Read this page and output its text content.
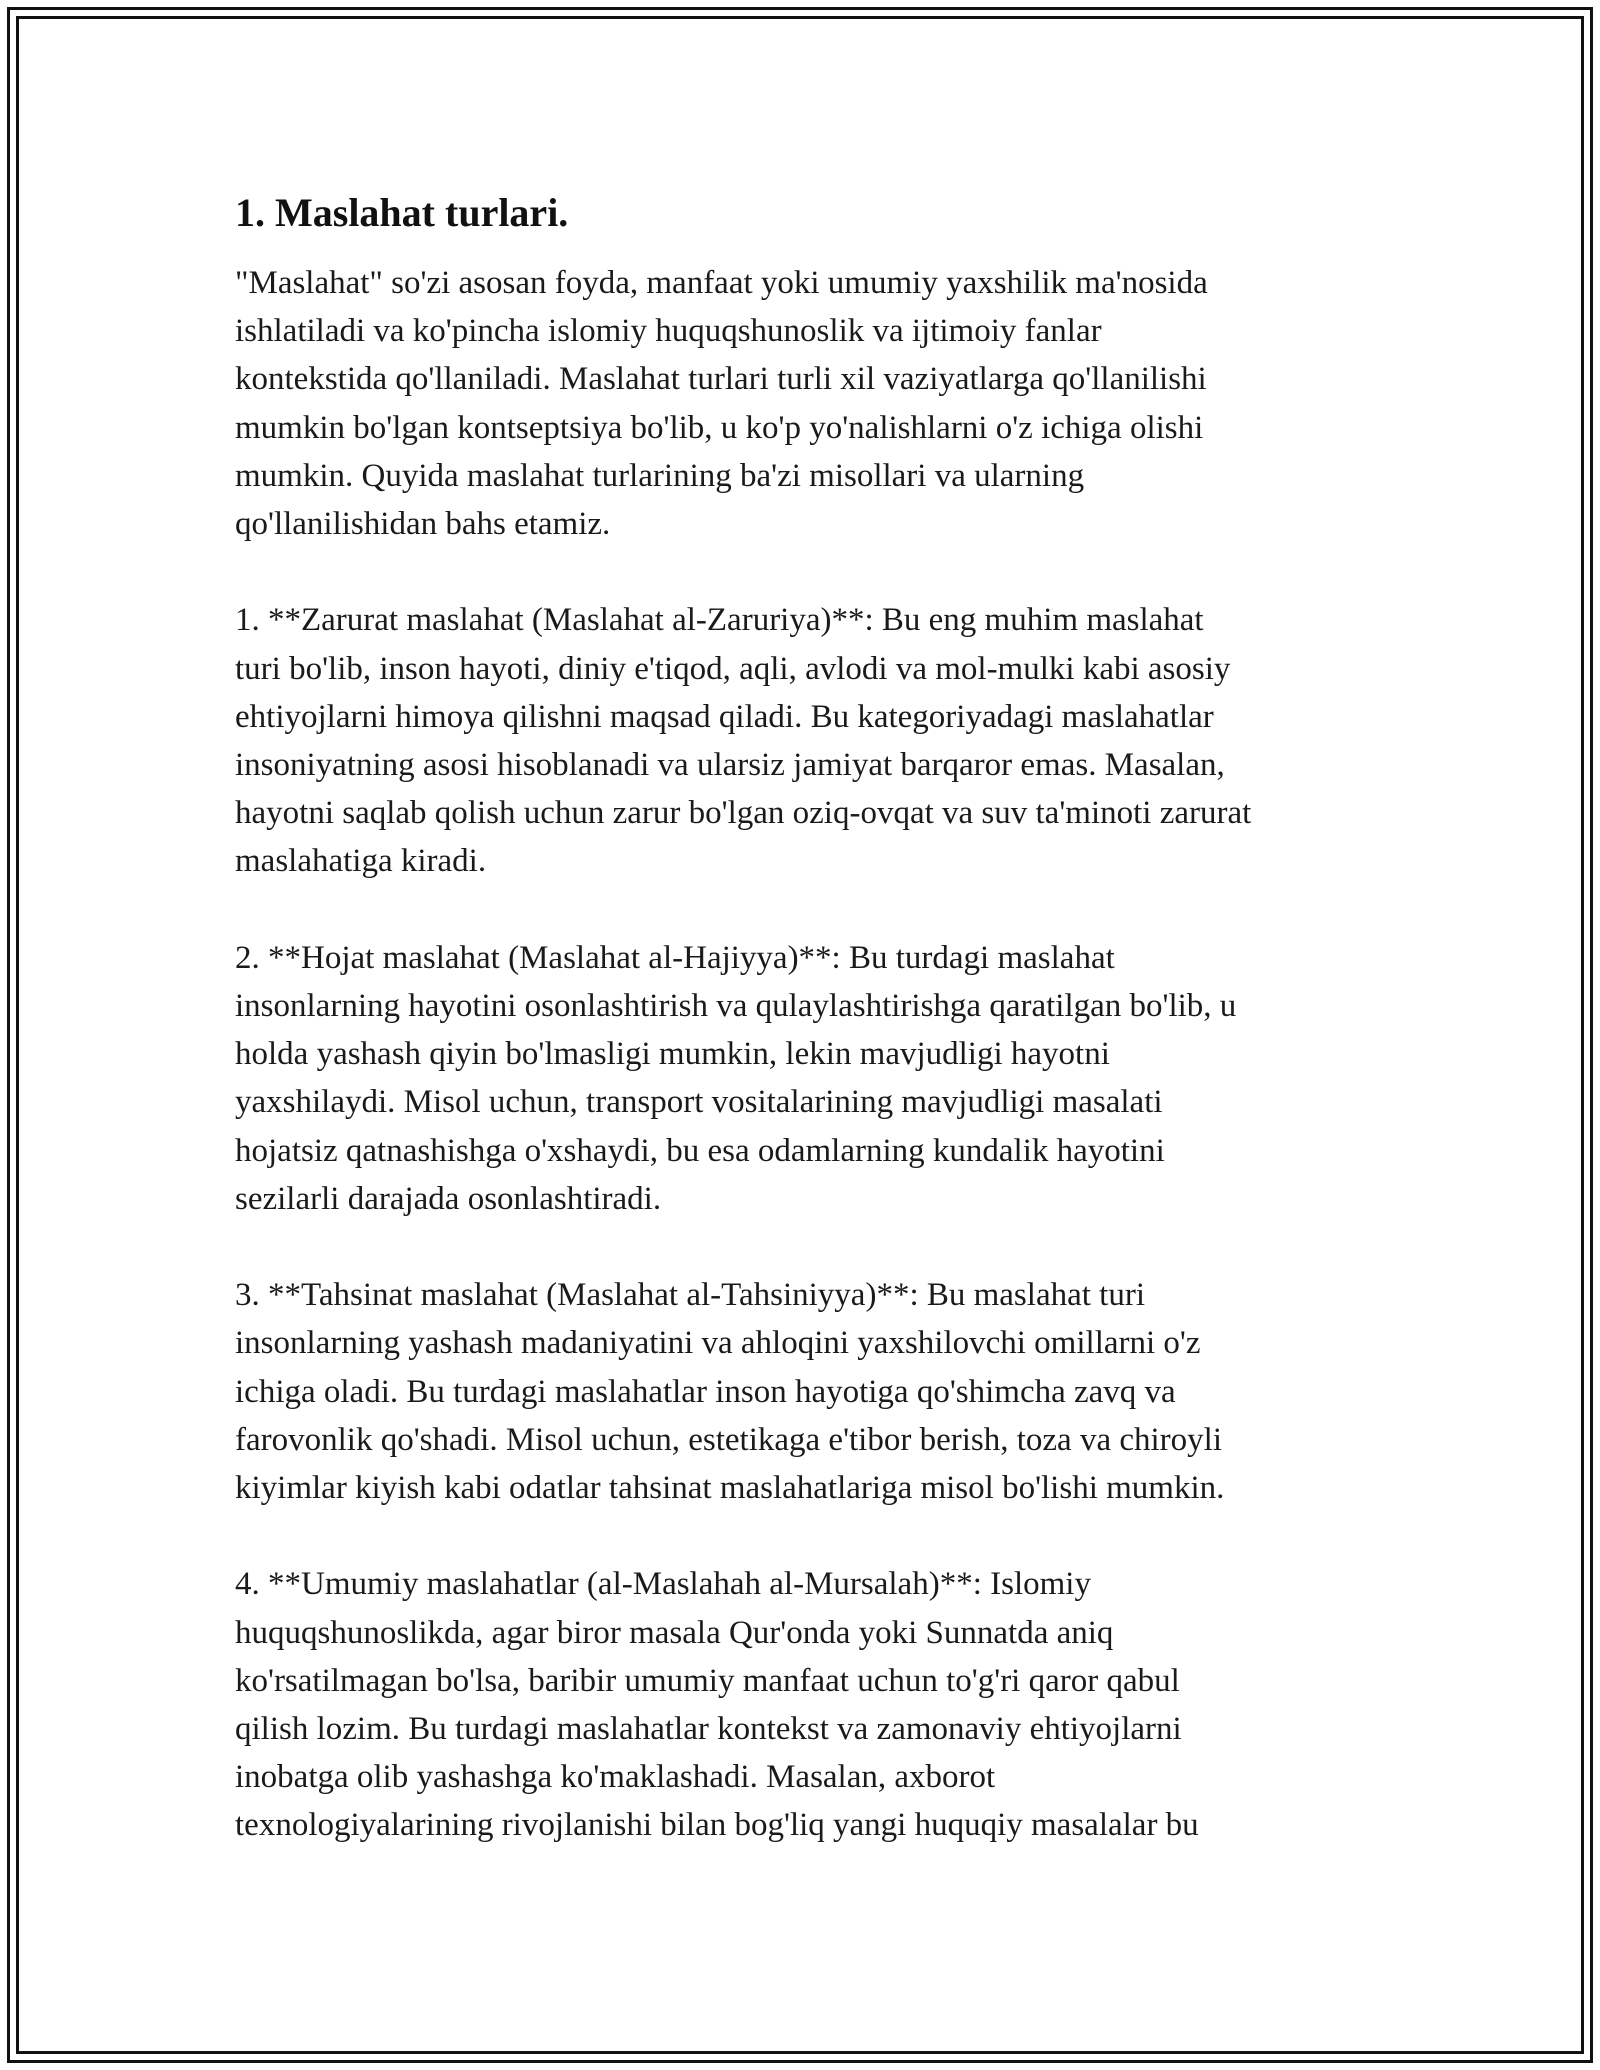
1. Maslahat turlari.

"Maslahat" so'zi asosan foyda, manfaat yoki umumiy yaxshilik ma'nosida
ishlatiladi va ko'pincha islomiy huquqshunoslik va ijtimoiy fanlar
kontekstida qo'llaniladi. Maslahat turlari turli xil vaziyatlarga qo'llanilishi
mumkin bo'lgan kontseptsiya bo'lib, u ko'p yo'nalishlarni o'z ichiga olishi
mumkin. Quyida maslahat turlarining ba'zi misollari va ularning
qo'llanilishidan bahs etamiz.

1. **Zarurat maslahat (Maslahat al-Zaruriya)**: Bu eng muhim maslahat
turi bo'lib, inson hayoti, diniy e'tiqod, aqli, avlodi va mol-mulki kabi asosiy
ehtiyojlarni himoya qilishni maqsad qiladi. Bu kategoriyadagi maslahatlar
insoniyatning asosi hisoblanadi va ularsiz jamiyat barqaror emas. Masalan,
hayotni saqlab qolish uchun zarur bo'lgan oziq-ovqat va suv ta'minoti zarurat
maslahatiga kiradi.

2. **Hojat maslahat (Maslahat al-Hajiyya)**: Bu turdagi maslahat
insonlarning hayotini osonlashtirish va qulaylashtirishga qaratilgan bo'lib, u
holda yashash qiyin bo'lmasligi mumkin, lekin mavjudligi hayotni
yaxshilaydi. Misol uchun, transport vositalarining mavjudligi masalati
hojatsiz qatnashishga o'xshaydi, bu esa odamlarning kundalik hayotini
sezilarli darajada osonlashtiradi.

3. **Tahsinat maslahat (Maslahat al-Tahsiniyya)**: Bu maslahat turi
insonlarning yashash madaniyatini va ahloqini yaxshilovchi omillarni o'z
ichiga oladi. Bu turdagi maslahatlar inson hayotiga qo'shimcha zavq va
farovonlik qo'shadi. Misol uchun, estetikaga e'tibor berish, toza va chiroyli
kiyimlar kiyish kabi odatlar tahsinat maslahatlariga misol bo'lishi mumkin.

4. **Umumiy maslahatlar (al-Maslahah al-Mursalah)**: Islomiy
huquqshunoslikda, agar biror masala Qur'onda yoki Sunnatda aniq
ko'rsatilmagan bo'lsa, baribir umumiy manfaat uchun to'g'ri qaror qabul
qilish lozim. Bu turdagi maslahatlar kontekst va zamonaviy ehtiyojlarni
inobatga olib yashashga ko'maklashadi. Masalan, axborot
texnologiyalarining rivojlanishi bilan bog'liq yangi huquqiy masalalar bu
